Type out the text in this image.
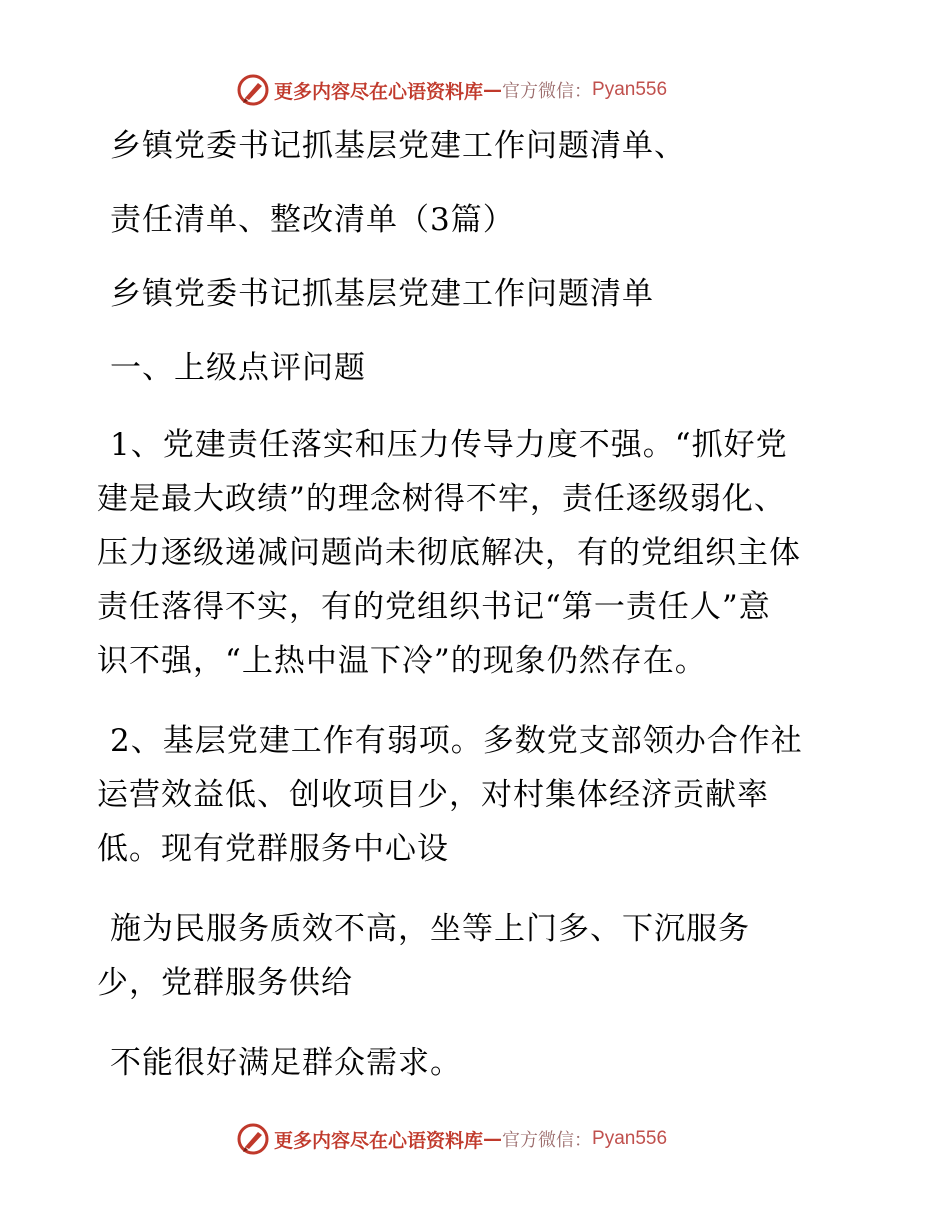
更多内容尽在心语资料库 — 官方微信： Pyan556
乡镇党委书记抓基层党建工作问题清单、
责任清单、整改清单（3篇）
乡镇党委书记抓基层党建工作问题清单
一、上级点评问题
1、党建责任落实和压力传导力度不强。“抓好党
建是最大政绩”的理念树得不牢，责任逐级弱化、
压力逐级递减问题尚未彻底解决，有的党组织主体
责任落得不实，有的党组织书记“第一责任人”意
识不强，“上热中温下冷”的现象仍然存在。
2、基层党建工作有弱项。多数党支部领办合作社
运营效益低、创收项目少，对村集体经济贡献率
低。现有党群服务中心设
施为民服务质效不高，坐等上门多、下沉服务
少，党群服务供给
不能很好满足群众需求。
更多内容尽在心语资料库 — 官方微信： Pyan556
